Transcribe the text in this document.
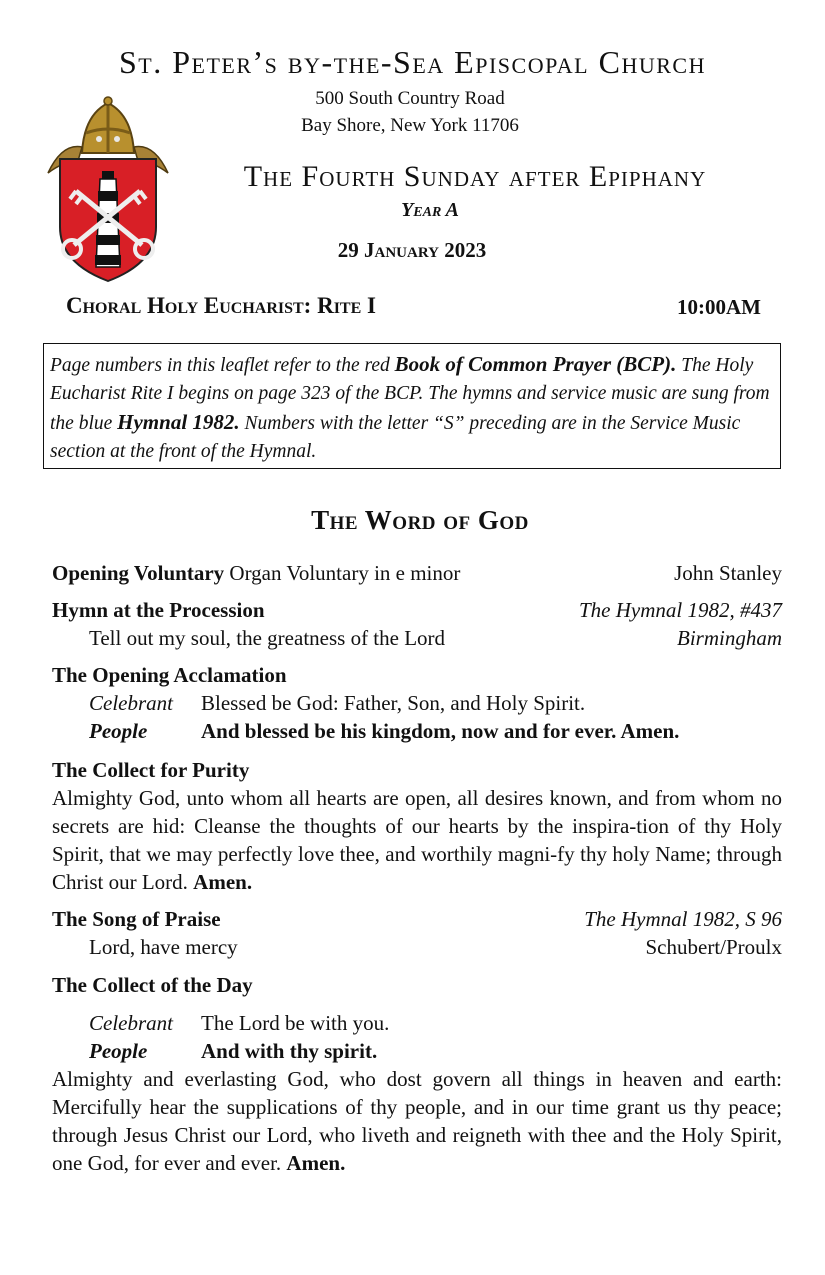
St. Peter’s by-the-Sea Episcopal Church
500 South Country Road
Bay Shore, New York 11706
The Fourth Sunday after Epiphany
Year A
29 January 2023
Choral Holy Eucharist: Rite I	10:00AM
Page numbers in this leaflet refer to the red Book of Common Prayer (BCP). The Holy Eucharist Rite I begins on page 323 of the BCP. The hymns and service music are sung from the blue Hymnal 1982. Numbers with the letter “S” preceding are in the Service Music section at the front of the Hymnal.
The Word of God
Opening Voluntary Organ Voluntary in e minor	John Stanley
Hymn at the Procession	The Hymnal 1982, #437
Tell out my soul, the greatness of the Lord	Birmingham
The Opening Acclamation
Celebrant	Blessed be God: Father, Son, and Holy Spirit.
People	And blessed be his kingdom, now and for ever. Amen.
The Collect for Purity
Almighty God, unto whom all hearts are open, all desires known, and from whom no secrets are hid: Cleanse the thoughts of our hearts by the inspira-tion of thy Holy Spirit, that we may perfectly love thee, and worthily magni-fy thy holy Name; through Christ our Lord. Amen.
The Song of Praise	The Hymnal 1982, S 96
Lord, have mercy	Schubert/Proulx
The Collect of the Day
Celebrant	The Lord be with you.
People	And with thy spirit.
Almighty and everlasting God, who dost govern all things in heaven and earth: Mercifully hear the supplications of thy people, and in our time grant us thy peace; through Jesus Christ our Lord, who liveth and reigneth with thee and the Holy Spirit, one God, for ever and ever. Amen.
